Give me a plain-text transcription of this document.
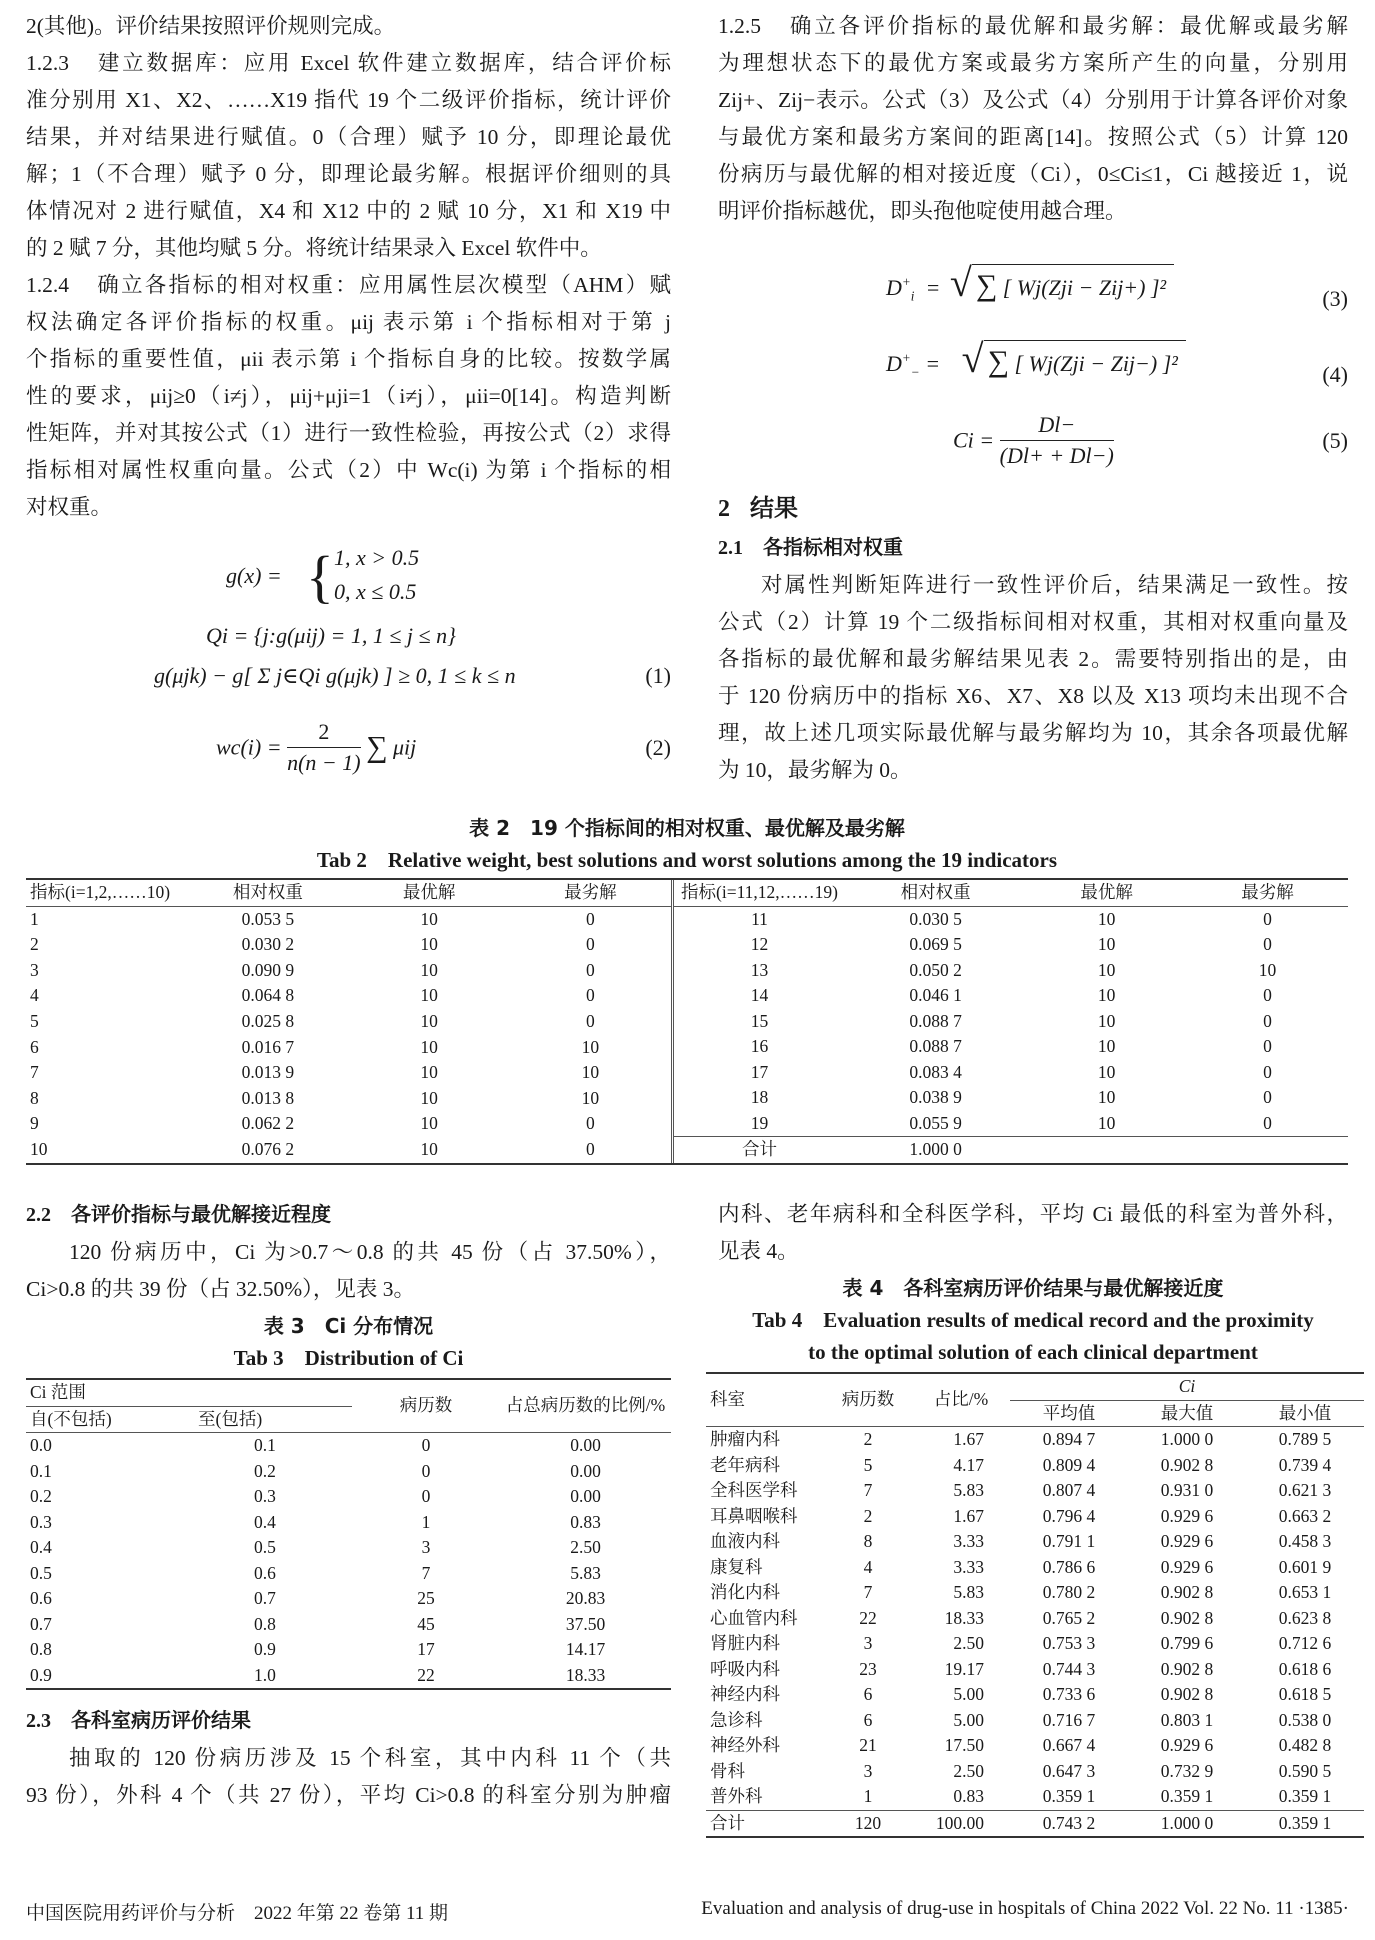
2(其他)。评价结果按照评价规则完成。

1.2.3 建立数据库：应用 Excel 软件建立数据库，结合评价标

准分别用 X1、X2、……X19 指代 19 个二级评价指标，统计评价

结果，并对结果进行赋值。0（合理）赋予 10 分，即理论最优

解；1（不合理）赋予 0 分，即理论最劣解。根据评价细则的具

体情况对 2 进行赋值，X4 和 X12 中的 2 赋 10 分，X1 和 X19 中

的 2 赋 7 分，其他均赋 5 分。将统计结果录入 Excel 软件中。

1.2.4 确立各指标的相对权重：应用属性层次模型（AHM）赋

权法确定各评价指标的权重。μij 表示第 i 个指标相对于第 j

个指标的重要性值，μii 表示第 i 个指标自身的比较。按数学属

性的要求，μij≥0（i≠j），μij+μji=1（i≠j），μii=0[14]。构造判断

性矩阵，并对其按公式（1）进行一致性检验，再按公式（2）求得

指标相对属性权重向量。公式（2）中 Wc(i) 为第 i 个指标的相

对权重。

g(x) = { 1, x > 0.5
0, x ≤ 0.5
Qi = {j:g(μij) = 1, 1 ≤ j ≤ n}
g(μjk) − g[ Σ j∈Qi g(μjk) ] ≥ 0, 1 ≤ k ≤ n	(1)
$wc(i) = \frac{2}{n(n - 1)}$ ∑ μij	(2)

1.2.5 确立各评价指标的最优解和最劣解：最优解或最劣解

为理想状态下的最优方案或最劣方案所产生的向量，分别用

Zij+、Zij−表示。公式（3）及公式（4）分别用于计算各评价对象

与最优方案和最劣方案间的距离[14]。按照公式（5）计算 120

份病历与最优解的相对接近度（Ci），0≤Ci≤1，Ci 越接近 1，说

明评价指标越优，即头孢他啶使用越合理。

$D^+_i$  = √ ∑ [ Wj(Zji − Zij+) ]²	(3)
$D^+_-$ = √ ∑ [ Wj(Zji − Zij−) ]²	(4)
$Ci = \frac{Dl-}{(Dl+ + Dl-)}$	(5)
2 结果
2.1 各指标相对权重

对属性判断矩阵进行一致性评价后，结果满足一致性。按

公式（2）计算 19 个二级指标间相对权重，其相对权重向量及

各指标的最优解和最劣解结果见表 2。需要特别指出的是，由

于 120 份病历中的指标 X6、X7、X8 以及 X13 项均未出现不合

理，故上述几项实际最优解与最劣解均为 10，其余各项最优解

为 10，最劣解为 0。

表 2　19 个指标间的相对权重、最优解及最劣解
Tab 2　Relative weight, best solutions and worst solutions among the 19 indicators
指标(i=1,2,……10)	相对权重	最优解	最劣解
1	0.053 5	10	0
2	0.030 2	10	0
3	0.090 9	10	0
4	0.064 8	10	0
5	0.025 8	10	0
6	0.016 7	10	10
7	0.013 9	10	10
8	0.013 8	10	10
9	0.062 2	10	0
10	0.076 2	10	0
指标(i=11,12,……19)	相对权重	最优解	最劣解
11	0.030 5	10	0
12	0.069 5	10	0
13	0.050 2	10	10
14	0.046 1	10	0
15	0.088 7	10	0
16	0.088 7	10	0
17	0.083 4	10	0
18	0.038 9	10	0
19	0.055 9	10	0
合计	1.000 0		
2.2 各评价指标与最优解接近程度

120 份病历中，Ci 为>0.7～0.8 的共 45 份（占 37.50%），

Ci>0.8 的共 39 份（占 32.50%），见表 3。

表 3　Ci 分布情况
Tab 3　Distribution of Ci
Ci 范围		病历数	占总病历数的比例/%
自(不包括)	至(包括)		
0.0	0.1	0	0.00
0.1	0.2	0	0.00
0.2	0.3	0	0.00
0.3	0.4	1	0.83
0.4	0.5	3	2.50
0.5	0.6	7	5.83
0.6	0.7	25	20.83
0.7	0.8	45	37.50
0.8	0.9	17	14.17
0.9	1.0	22	18.33
2.3 各科室病历评价结果

抽取的 120 份病历涉及 15 个科室，其中内科 11 个（共

93 份），外科 4 个（共 27 份），平均 Ci>0.8 的科室分别为肿瘤

内科、老年病科和全科医学科，平均 Ci 最低的科室为普外科，

见表 4。

表 4　各科室病历评价结果与最优解接近度
Tab 4　Evaluation results of medical record and the proximity
to the optimal solution of each clinical department
科室	病历数	占比/%	Ci		
			平均值	最大值	最小值
肿瘤内科	2	1.67	0.894 7	1.000 0	0.789 5
老年病科	5	4.17	0.809 4	0.902 8	0.739 4
全科医学科	7	5.83	0.807 4	0.931 0	0.621 3
耳鼻咽喉科	2	1.67	0.796 4	0.929 6	0.663 2
血液内科	8	3.33	0.791 1	0.929 6	0.458 3
康复科	4	3.33	0.786 6	0.929 6	0.601 9
消化内科	7	5.83	0.780 2	0.902 8	0.653 1
心血管内科	22	18.33	0.765 2	0.902 8	0.623 8
肾脏内科	3	2.50	0.753 3	0.799 6	0.712 6
呼吸内科	23	19.17	0.744 3	0.902 8	0.618 6
神经内科	6	5.00	0.733 6	0.902 8	0.618 5
急诊科	6	5.00	0.716 7	0.803 1	0.538 0
神经外科	21	17.50	0.667 4	0.929 6	0.482 8
骨科	3	2.50	0.647 3	0.732 9	0.590 5
普外科	1	0.83	0.359 1	0.359 1	0.359 1
合计	120	100.00	0.743 2	1.000 0	0.359 1
中国医院用药评价与分析　2022 年第 22 卷第 11 期	Evaluation and analysis of drug-use in hospitals of China 2022 Vol. 22 No. 11 ·1385·
